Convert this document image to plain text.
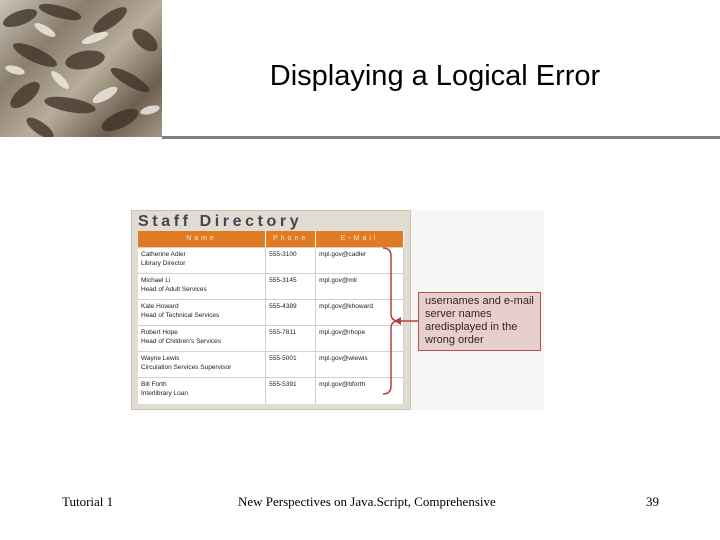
Displaying a Logical Error
Staff Directory
Name	Phone	E-Mail
Catherine Adler
Library Director	555-3100	mpl.gov@cadler
Michael Li
Head of Adult Services	555-3145	mpl.gov@mli
Kate Howard
Head of Technical Services	555-4389	mpl.gov@khoward
Robert Hope
Head of Children's Services	555-7811	mpl.gov@rhope
Wayne Lewis
Circulation Services Supervisor	555-5001	mpl.gov@wlewis
Bill Forth
Interlibrary Loan	555-5391	mpl.gov@bforth
usernames and e-mail server names aredisplayed in the wrong order
Tutorial 1	New Perspectives on Java.Script, Comprehensive	39
